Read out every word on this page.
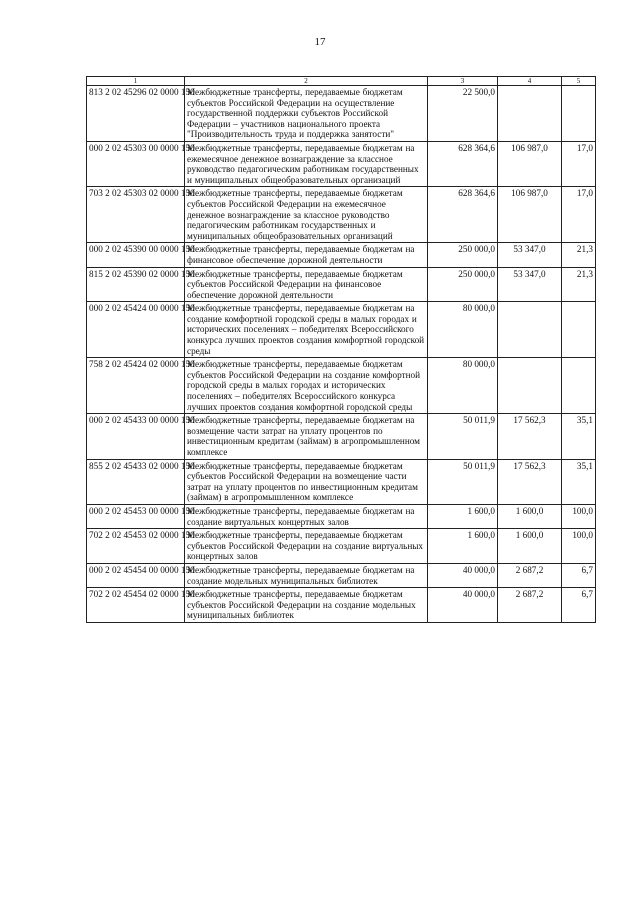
17
1	2	3	4	5
813 2 02 45296 02 0000 150	Межбюджетные трансферты, передаваемые бюджетам субъектов Российской Федерации на осуществление государственной поддержки субъектов Российской Федерации – участников национального проекта "Производительность труда и поддержка занятости"	22 500,0		
000 2 02 45303 00 0000 150	Межбюджетные трансферты, передаваемые бюджетам на ежемесячное денежное вознаграждение за классное руководство педагогическим работникам государственных и муниципальных общеобразовательных организаций	628 364,6	106 987,0	17,0
703 2 02 45303 02 0000 150	Межбюджетные трансферты, передаваемые бюджетам субъектов Российской Федерации на ежемесячное денежное вознаграждение за классное руководство педагогическим работникам государственных и муниципальных общеобразовательных организаций	628 364,6	106 987,0	17,0
000 2 02 45390 00 0000 150	Межбюджетные трансферты, передаваемые бюджетам на финансовое обеспечение дорожной деятельности	250 000,0	53 347,0	21,3
815 2 02 45390 02 0000 150	Межбюджетные трансферты, передаваемые бюджетам субъектов Российской Федерации на финансовое обеспечение дорожной деятельности	250 000,0	53 347,0	21,3
000 2 02 45424 00 0000 150	Межбюджетные трансферты, передаваемые бюджетам на создание комфортной городской среды в малых городах и исторических поселениях – победителях Всероссийского конкурса лучших проектов создания комфортной городской среды	80 000,0		
758 2 02 45424 02 0000 150	Межбюджетные трансферты, передаваемые бюджетам субъектов Российской Федерации на создание комфортной городской среды в малых городах и исторических поселениях – победителях Всероссийского конкурса лучших проектов создания комфортной городской среды	80 000,0		
000 2 02 45433 00 0000 150	Межбюджетные трансферты, передаваемые бюджетам на возмещение части затрат на уплату процентов по инвестиционным кредитам (займам) в агропромышленном комплексе	50 011,9	17 562,3	35,1
855 2 02 45433 02 0000 150	Межбюджетные трансферты, передаваемые бюджетам субъектов Российской Федерации на возмещение части затрат на уплату процентов по инвестиционным кредитам (займам) в агропромышленном комплексе	50 011,9	17 562,3	35,1
000 2 02 45453 00 0000 150	Межбюджетные трансферты, передаваемые бюджетам на создание виртуальных концертных залов	1 600,0	1 600,0	100,0
702 2 02 45453 02 0000 150	Межбюджетные трансферты, передаваемые бюджетам субъектов Российской Федерации на создание виртуальных концертных залов	1 600,0	1 600,0	100,0
000 2 02 45454 00 0000 150	Межбюджетные трансферты, передаваемые бюджетам на создание модельных муниципальных библиотек	40 000,0	2 687,2	6,7
702 2 02 45454 02 0000 150	Межбюджетные трансферты, передаваемые бюджетам субъектов Российской Федерации на создание модельных муниципальных библиотек	40 000,0	2 687,2	6,7
